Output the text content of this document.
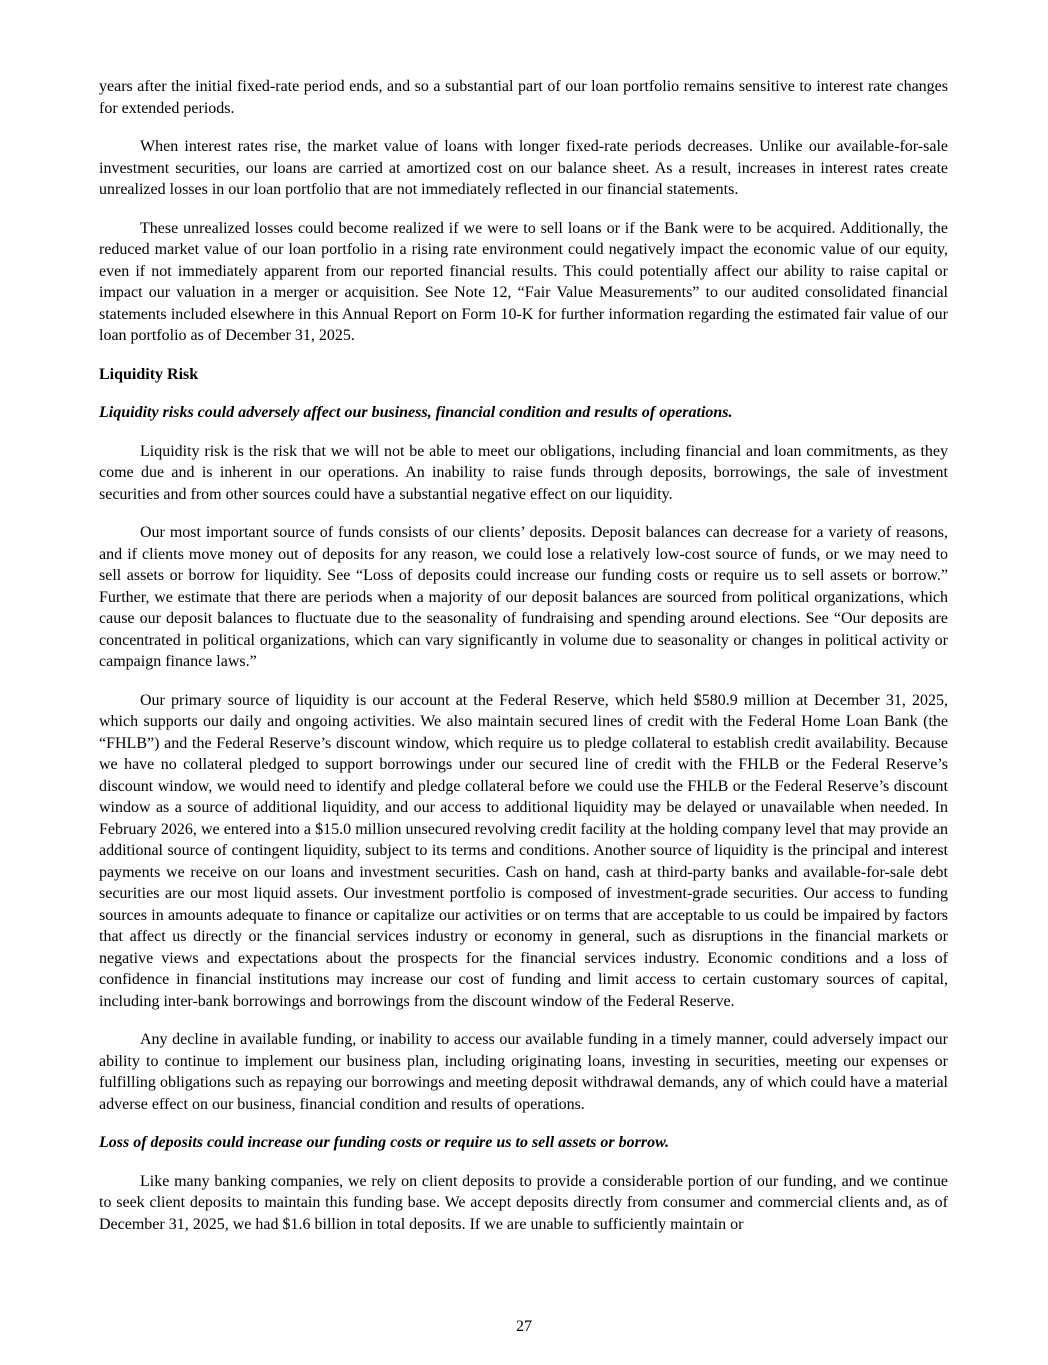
years after the initial fixed-rate period ends, and so a substantial part of our loan portfolio remains sensitive to interest rate changes for extended periods.

When interest rates rise, the market value of loans with longer fixed-rate periods decreases. Unlike our available-for-sale investment securities, our loans are carried at amortized cost on our balance sheet. As a result, increases in interest rates create unrealized losses in our loan portfolio that are not immediately reflected in our financial statements.

These unrealized losses could become realized if we were to sell loans or if the Bank were to be acquired. Additionally, the reduced market value of our loan portfolio in a rising rate environment could negatively impact the economic value of our equity, even if not immediately apparent from our reported financial results. This could potentially affect our ability to raise capital or impact our valuation in a merger or acquisition. See Note 12, “Fair Value Measurements” to our audited consolidated financial statements included elsewhere in this Annual Report on Form 10-K for further information regarding the estimated fair value of our loan portfolio as of December 31, 2025.

Liquidity Risk
Liquidity risks could adversely affect our business, financial condition and results of operations.

Liquidity risk is the risk that we will not be able to meet our obligations, including financial and loan commitments, as they come due and is inherent in our operations. An inability to raise funds through deposits, borrowings, the sale of investment securities and from other sources could have a substantial negative effect on our liquidity.

Our most important source of funds consists of our clients’ deposits. Deposit balances can decrease for a variety of reasons, and if clients move money out of deposits for any reason, we could lose a relatively low-cost source of funds, or we may need to sell assets or borrow for liquidity. See “Loss of deposits could increase our funding costs or require us to sell assets or borrow.” Further, we estimate that there are periods when a majority of our deposit balances are sourced from political organizations, which cause our deposit balances to fluctuate due to the seasonality of fundraising and spending around elections. See “Our deposits are concentrated in political organizations, which can vary significantly in volume due to seasonality or changes in political activity or campaign finance laws.”

Our primary source of liquidity is our account at the Federal Reserve, which held $580.9 million at December 31, 2025, which supports our daily and ongoing activities. We also maintain secured lines of credit with the Federal Home Loan Bank (the “FHLB”) and the Federal Reserve’s discount window, which require us to pledge collateral to establish credit availability. Because we have no collateral pledged to support borrowings under our secured line of credit with the FHLB or the Federal Reserve’s discount window, we would need to identify and pledge collateral before we could use the FHLB or the Federal Reserve’s discount window as a source of additional liquidity, and our access to additional liquidity may be delayed or unavailable when needed. In February 2026, we entered into a $15.0 million unsecured revolving credit facility at the holding company level that may provide an additional source of contingent liquidity, subject to its terms and conditions. Another source of liquidity is the principal and interest payments we receive on our loans and investment securities. Cash on hand, cash at third-party banks and available-for-sale debt securities are our most liquid assets. Our investment portfolio is composed of investment-grade securities. Our access to funding sources in amounts adequate to finance or capitalize our activities or on terms that are acceptable to us could be impaired by factors that affect us directly or the financial services industry or economy in general, such as disruptions in the financial markets or negative views and expectations about the prospects for the financial services industry. Economic conditions and a loss of confidence in financial institutions may increase our cost of funding and limit access to certain customary sources of capital, including inter-bank borrowings and borrowings from the discount window of the Federal Reserve.

Any decline in available funding, or inability to access our available funding in a timely manner, could adversely impact our ability to continue to implement our business plan, including originating loans, investing in securities, meeting our expenses or fulfilling obligations such as repaying our borrowings and meeting deposit withdrawal demands, any of which could have a material adverse effect on our business, financial condition and results of operations.

Loss of deposits could increase our funding costs or require us to sell assets or borrow.

Like many banking companies, we rely on client deposits to provide a considerable portion of our funding, and we continue to seek client deposits to maintain this funding base. We accept deposits directly from consumer and commercial clients and, as of December 31, 2025, we had $1.6 billion in total deposits. If we are unable to sufficiently maintain or

27
